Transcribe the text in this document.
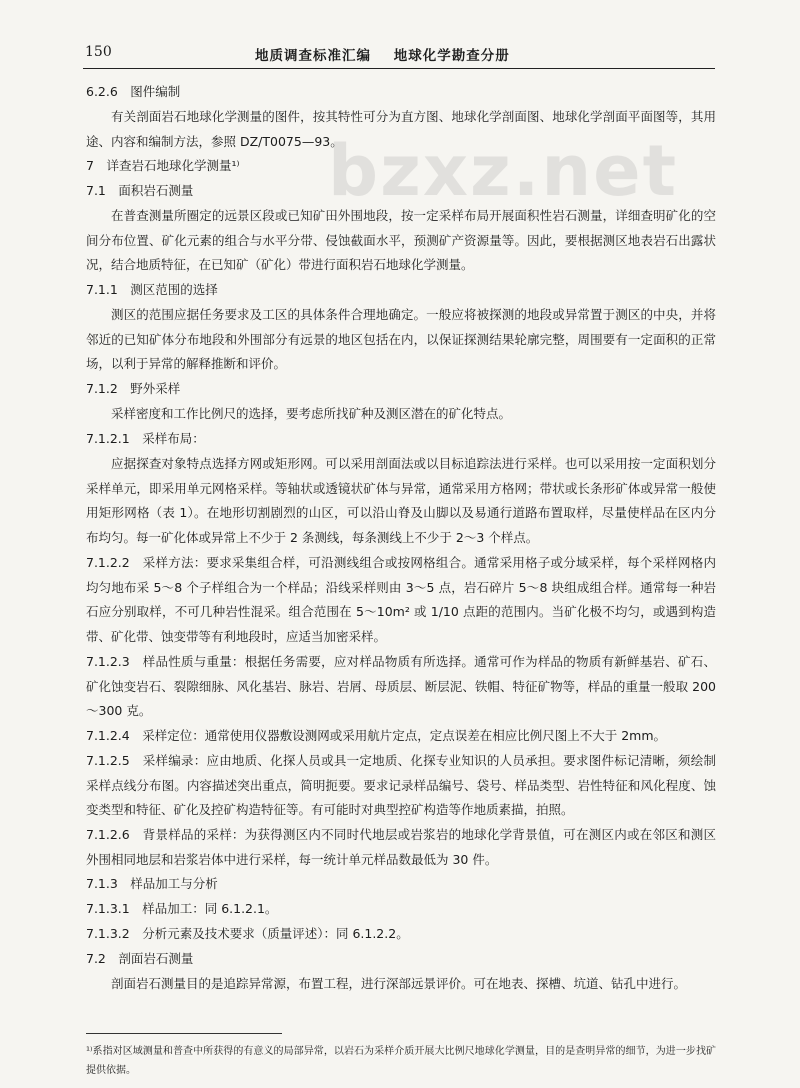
150	地质调查标准汇编    地球化学勘查分册
bzxz.net
6.2.6　图件编制
有关剖面岩石地球化学测量的图件，按其特性可分为直方图、地球化学剖面图、地球化学剖面平面图等，其用途、内容和编制方法，参照 DZ/T0075—93。
7　详查岩石地球化学测量¹⁾
7.1　面积岩石测量
在普查测量所圈定的远景区段或已知矿田外围地段，按一定采样布局开展面积性岩石测量，详细查明矿化的空间分布位置、矿化元素的组合与水平分带、侵蚀截面水平，预测矿产资源量等。因此，要根据测区地表岩石出露状况，结合地质特征，在已知矿（矿化）带进行面积岩石地球化学测量。
7.1.1　测区范围的选择
测区的范围应据任务要求及工区的具体条件合理地确定。一般应将被探测的地段或异常置于测区的中央，并将邻近的已知矿体分布地段和外围部分有远景的地区包括在内，以保证探测结果轮廓完整，周围要有一定面积的正常场，以利于异常的解释推断和评价。
7.1.2　野外采样
采样密度和工作比例尺的选择，要考虑所找矿种及测区潜在的矿化特点。
7.1.2.1　采样布局：
应据探查对象特点选择方网或矩形网。可以采用剖面法或以目标追踪法进行采样。也可以采用按一定面积划分采样单元，即采用单元网格采样。等轴状或透镜状矿体与异常，通常采用方格网；带状或长条形矿体或异常一般使用矩形网格（表 1）。在地形切割剧烈的山区，可以沿山脊及山脚以及易通行道路布置取样，尽量使样品在区内分布均匀。每一矿化体或异常上不少于 2 条测线，每条测线上不少于 2～3 个样点。
7.1.2.2　采样方法：要求采集组合样，可沿测线组合或按网格组合。通常采用格子或分域采样，每个采样网格内均匀地布采 5～8 个子样组合为一个样品；沿线采样则由 3～5 点，岩石碎片 5～8 块组成组合样。通常每一种岩石应分别取样，不可几种岩性混采。组合范围在 5～10m² 或 1/10 点距的范围内。当矿化极不均匀，或遇到构造带、矿化带、蚀变带等有利地段时，应适当加密采样。
7.1.2.3　样品性质与重量：根据任务需要，应对样品物质有所选择。通常可作为样品的物质有新鲜基岩、矿石、矿化蚀变岩石、裂隙细脉、风化基岩、脉岩、岩屑、母质层、断层泥、铁帽、特征矿物等，样品的重量一般取 200～300 克。
7.1.2.4　采样定位：通常使用仪器敷设测网或采用航片定点，定点误差在相应比例尺图上不大于 2mm。
7.1.2.5　采样编录：应由地质、化探人员或具一定地质、化探专业知识的人员承担。要求图件标记清晰，须绘制采样点线分布图。内容描述突出重点，简明扼要。要求记录样品编号、袋号、样品类型、岩性特征和风化程度、蚀变类型和特征、矿化及控矿构造特征等。有可能时对典型控矿构造等作地质素描，拍照。
7.1.2.6　背景样品的采样：为获得测区内不同时代地层或岩浆岩的地球化学背景值，可在测区内或在邻区和测区外围相同地层和岩浆岩体中进行采样，每一统计单元样品数最低为 30 件。
7.1.3　样品加工与分析
7.1.3.1　样品加工：同 6.1.2.1。
7.1.3.2　分析元素及技术要求（质量评述）：同 6.1.2.2。
7.2　剖面岩石测量
剖面岩石测量目的是追踪异常源，布置工程，进行深部远景评价。可在地表、探槽、坑道、钻孔中进行。
¹⁾系指对区域测量和普查中所获得的有意义的局部异常，以岩石为采样介质开展大比例尺地球化学测量，目的是查明异常的细节，为进一步找矿提供依据。
